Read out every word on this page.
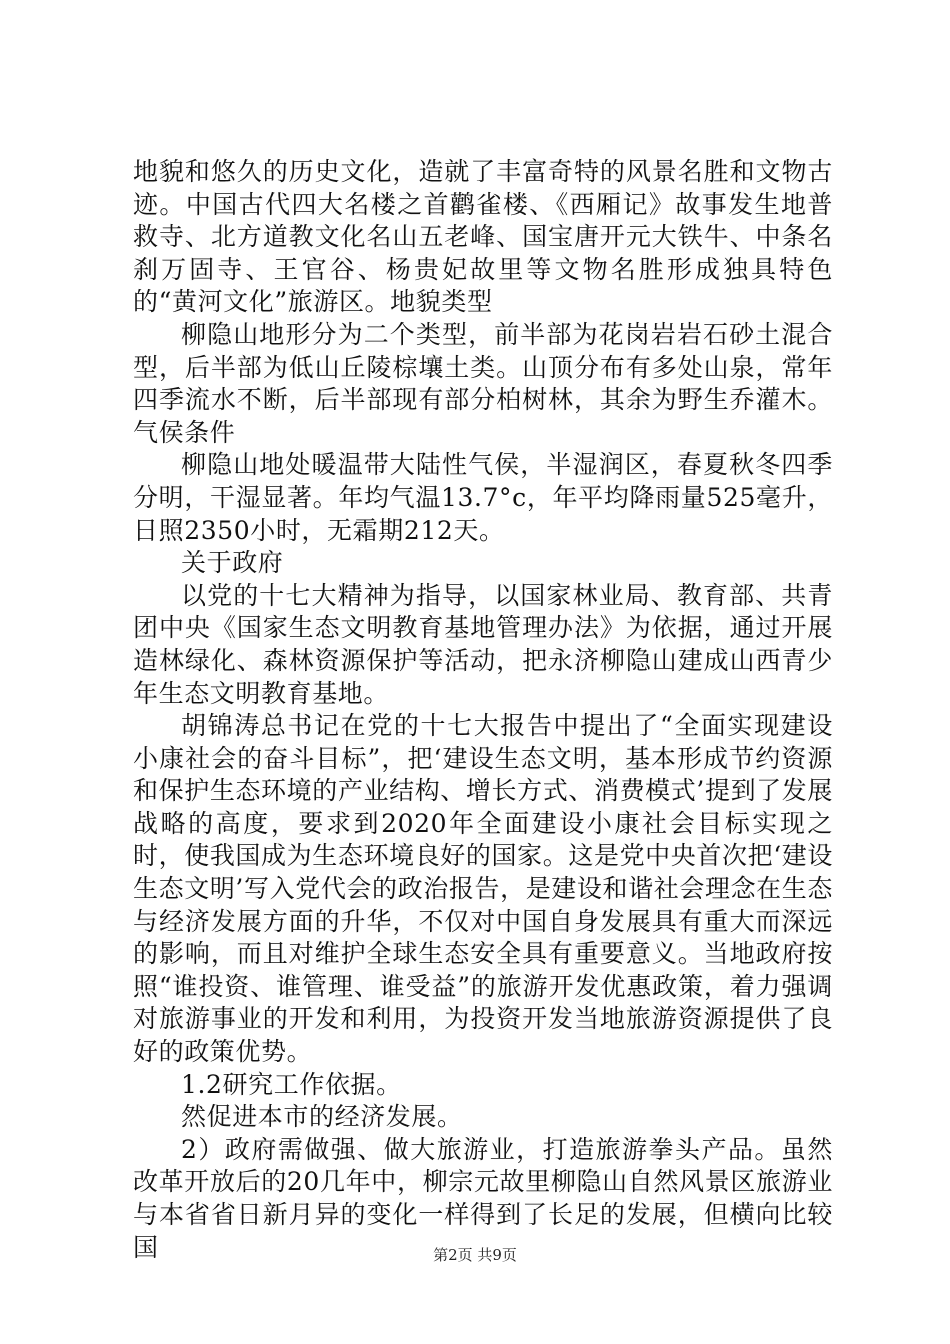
地貌和悠久的历史文化，造就了丰富奇特的风景名胜和文物古迹。中国古代四大名楼之首鹳雀楼、《西厢记》故事发生地普救寺、北方道教文化名山五老峰、国宝唐开元大铁牛、中条名刹万固寺、王官谷、杨贵妃故里等文物名胜形成独具特色的“黄河文化”旅游区。地貌类型

柳隐山地形分为二个类型，前半部为花岗岩岩石砂土混合型，后半部为低山丘陵棕壤土类。山顶分布有多处山泉，常年四季流水不断，后半部现有部分柏树林，其余为野生乔灌木。气侯条件

柳隐山地处暖温带大陆性气侯，半湿润区，春夏秋冬四季分明，干湿显著。年均气温13.7°c，年平均降雨量525毫升，日照2350小时，无霜期212天。

关于政府

以党的十七大精神为指导，以国家林业局、教育部、共青团中央《国家生态文明教育基地管理办法》为依据，通过开展造林绿化、森林资源保护等活动，把永济柳隐山建成山西青少年生态文明教育基地。

胡锦涛总书记在党的十七大报告中提出了“全面实现建设小康社会的奋斗目标”，把‘建设生态文明，基本形成节约资源和保护生态环境的产业结构、增长方式、消费模式’提到了发展战略的高度，要求到2020年全面建设小康社会目标实现之时，使我国成为生态环境良好的国家。这是党中央首次把‘建设生态文明’写入党代会的政治报告，是建设和谐社会理念在生态与经济发展方面的升华，不仅对中国自身发展具有重大而深远的影响，而且对维护全球生态安全具有重要意义。当地政府按照“谁投资、谁管理、谁受益”的旅游开发优惠政策，着力强调对旅游事业的开发和利用，为投资开发当地旅游资源提供了良好的政策优势。

1.2研究工作依据。

然促进本市的经济发展。

2）政府需做强、做大旅游业，打造旅游拳头产品。虽然改革开放后的20几年中，柳宗元故里柳隐山自然风景区旅游业与本省省日新月异的变化一样得到了长足的发展，但横向比较国	第2页 共9页
